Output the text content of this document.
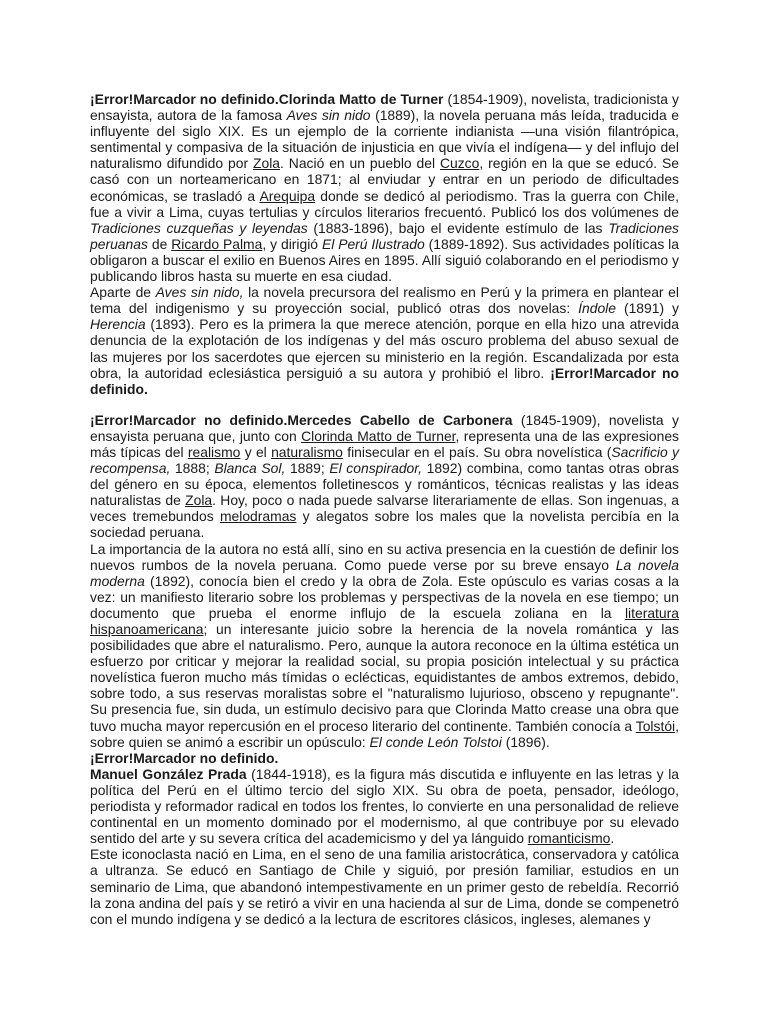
¡Error!Marcador no definido.Clorinda Matto de Turner (1854-1909), novelista, tradicionista y ensayista, autora de la famosa Aves sin nido (1889), la novela peruana más leída, traducida e influyente del siglo XIX. Es un ejemplo de la corriente indianista —una visión filantrópica, sentimental y compasiva de la situación de injusticia en que vivía el indígena— y del influjo del naturalismo difundido por Zola. Nació en un pueblo del Cuzco, región en la que se educó. Se casó con un norteamericano en 1871; al enviudar y entrar en un periodo de dificultades económicas, se trasladó a Arequipa donde se dedicó al periodismo. Tras la guerra con Chile, fue a vivir a Lima, cuyas tertulias y círculos literarios frecuentó. Publicó los dos volúmenes de Tradiciones cuzqueñas y leyendas (1883-1896), bajo el evidente estímulo de las Tradiciones peruanas de Ricardo Palma, y dirigió El Perú Ilustrado (1889-1892). Sus actividades políticas la obligaron a buscar el exilio en Buenos Aires en 1895. Allí siguió colaborando en el periodismo y publicando libros hasta su muerte en esa ciudad.

Aparte de Aves sin nido, la novela precursora del realismo en Perú y la primera en plantear el tema del indigenismo y su proyección social, publicó otras dos novelas: Índole (1891) y Herencia (1893). Pero es la primera la que merece atención, porque en ella hizo una atrevida denuncia de la explotación de los indígenas y del más oscuro problema del abuso sexual de las mujeres por los sacerdotes que ejercen su ministerio en la región. Escandalizada por esta obra, la autoridad eclesiástica persiguió a su autora y prohibió el libro. ¡Error!Marcador no definido.

¡Error!Marcador no definido.Mercedes Cabello de Carbonera (1845-1909), novelista y ensayista peruana que, junto con Clorinda Matto de Turner, representa una de las expresiones más típicas del realismo y el naturalismo finisecular en el país. Su obra novelística (Sacrificio y recompensa, 1888; Blanca Sol, 1889; El conspirador, 1892) combina, como tantas otras obras del género en su época, elementos folletinescos y románticos, técnicas realistas y las ideas naturalistas de Zola. Hoy, poco o nada puede salvarse literariamente de ellas. Son ingenuas, a veces tremebundos melodramas y alegatos sobre los males que la novelista percibía en la sociedad peruana.

La importancia de la autora no está allí, sino en su activa presencia en la cuestión de definir los nuevos rumbos de la novela peruana. Como puede verse por su breve ensayo La novela moderna (1892), conocía bien el credo y la obra de Zola. Este opúsculo es varias cosas a la vez: un manifiesto literario sobre los problemas y perspectivas de la novela en ese tiempo; un documento que prueba el enorme influjo de la escuela zoliana en la literatura hispanoamericana; un interesante juicio sobre la herencia de la novela romántica y las posibilidades que abre el naturalismo. Pero, aunque la autora reconoce en la última estética un esfuerzo por criticar y mejorar la realidad social, su propia posición intelectual y su práctica novelística fueron mucho más tímidas o eclécticas, equidistantes de ambos extremos, debido, sobre todo, a sus reservas moralistas sobre el "naturalismo lujurioso, obsceno y repugnante". Su presencia fue, sin duda, un estímulo decisivo para que Clorinda Matto crease una obra que tuvo mucha mayor repercusión en el proceso literario del continente. También conocía a Tolstói, sobre quien se animó a escribir un opúsculo: El conde León Tolstoi (1896).

¡Error!Marcador no definido.

Manuel González Prada (1844-1918), es la figura más discutida e influyente en las letras y la política del Perú en el último tercio del siglo XIX. Su obra de poeta, pensador, ideólogo, periodista y reformador radical en todos los frentes, lo convierte en una personalidad de relieve continental en un momento dominado por el modernismo, al que contribuye por su elevado sentido del arte y su severa crítica del academicismo y del ya lánguido romanticismo.

Este iconoclasta nació en Lima, en el seno de una familia aristocrática, conservadora y católica a ultranza. Se educó en Santiago de Chile y siguió, por presión familiar, estudios en un seminario de Lima, que abandonó intempestivamente en un primer gesto de rebeldía. Recorrió la zona andina del país y se retiró a vivir en una hacienda al sur de Lima, donde se compenetró con el mundo indígena y se dedicó a la lectura de escritores clásicos, ingleses, alemanes y
